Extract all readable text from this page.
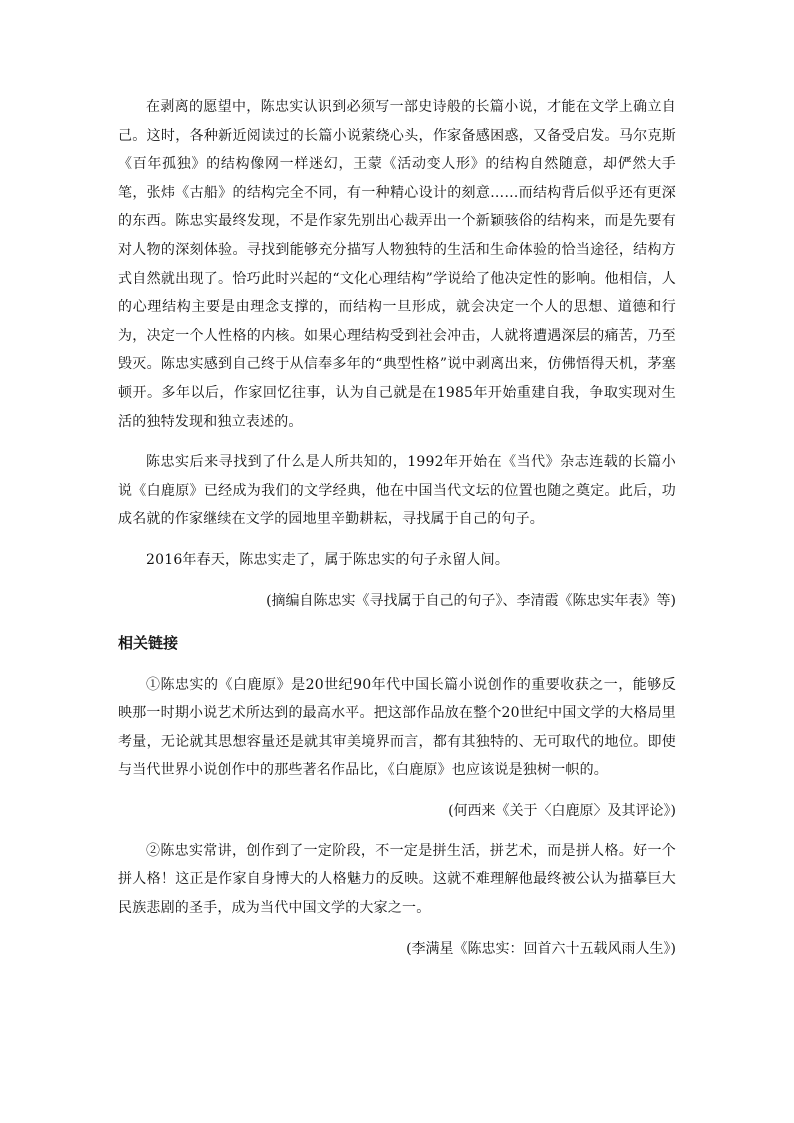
在剥离的愿望中，陈忠实认识到必须写一部史诗般的长篇小说，才能在文学上确立自己。这时，各种新近阅读过的长篇小说萦绕心头，作家备感困惑，又备受启发。马尔克斯《百年孤独》的结构像网一样迷幻，王蒙《活动变人形》的结构自然随意，却俨然大手笔，张炜《古船》的结构完全不同，有一种精心设计的刻意……而结构背后似乎还有更深的东西。陈忠实最终发现，不是作家先别出心裁弄出一个新颖骇俗的结构来，而是先要有对人物的深刻体验。寻找到能够充分描写人物独特的生活和生命体验的恰当途径，结构方式自然就出现了。恰巧此时兴起的“文化心理结构”学说给了他决定性的影响。他相信，人的心理结构主要是由理念支撑的，而结构一旦形成，就会决定一个人的思想、道德和行为，决定一个人性格的内核。如果心理结构受到社会冲击，人就将遭遇深层的痛苦，乃至毁灭。陈忠实感到自己终于从信奉多年的“典型性格”说中剥离出来，仿佛悟得天机，茅塞顿开。多年以后，作家回忆往事，认为自己就是在1985年开始重建自我，争取实现对生活的独特发现和独立表述的。

陈忠实后来寻找到了什么是人所共知的，1992年开始在《当代》杂志连载的长篇小说《白鹿原》已经成为我们的文学经典，他在中国当代文坛的位置也随之奠定。此后，功成名就的作家继续在文学的园地里辛勤耕耘，寻找属于自己的句子。

2016年春天，陈忠实走了，属于陈忠实的句子永留人间。

(摘编自陈忠实《寻找属于自己的句子》、李清霞《陈忠实年表》等)

相关链接

①陈忠实的《白鹿原》是20世纪90年代中国长篇小说创作的重要收获之一，能够反映那一时期小说艺术所达到的最高水平。把这部作品放在整个20世纪中国文学的大格局里考量，无论就其思想容量还是就其审美境界而言，都有其独特的、无可取代的地位。即使与当代世界小说创作中的那些著名作品比，《白鹿原》也应该说是独树一帜的。

(何西来《关于〈白鹿原〉及其评论》)

②陈忠实常讲，创作到了一定阶段，不一定是拼生活，拼艺术，而是拼人格。好一个拼人格！这正是作家自身博大的人格魅力的反映。这就不难理解他最终被公认为描摹巨大民族悲剧的圣手，成为当代中国文学的大家之一。

(李满星《陈忠实：回首六十五载风雨人生》)
